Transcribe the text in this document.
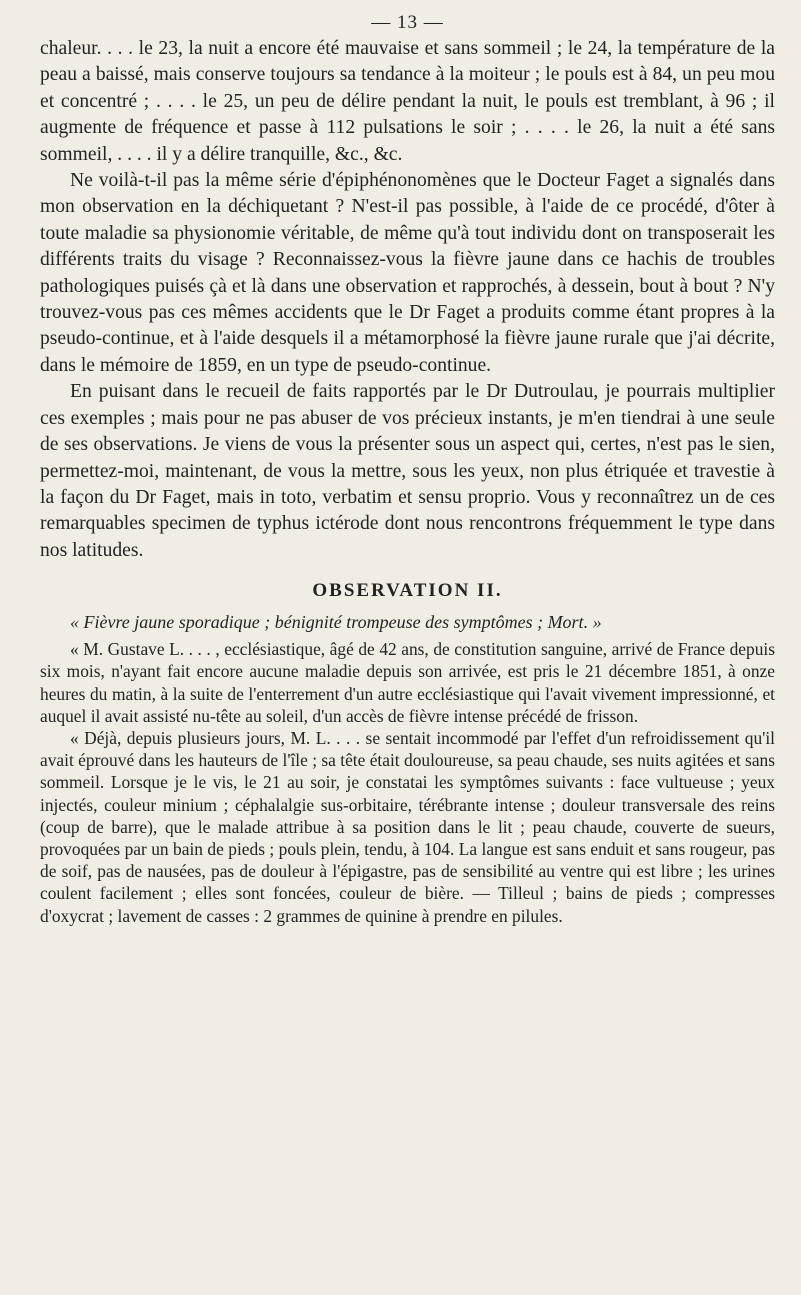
— 13 —

chaleur. . . . le 23, la nuit a encore été mauvaise et sans sommeil ; le 24, la température de la peau a baissé, mais conserve toujours sa tendance à la moiteur ; le pouls est à 84, un peu mou et concentré ; . . . . le 25, un peu de délire pendant la nuit, le pouls est tremblant, à 96 ; il augmente de fréquence et passe à 112 pulsations le soir ; . . . . le 26, la nuit a été sans sommeil, . . . . il y a délire tranquille, &c., &c.

Ne voilà-t-il pas la même série d'épiphénonomènes que le Docteur Faget a signalés dans mon observation en la déchiquetant ? N'est-il pas possible, à l'aide de ce procédé, d'ôter à toute maladie sa physionomie véritable, de même qu'à tout individu dont on transposerait les différents traits du visage ? Reconnaissez-vous la fièvre jaune dans ce hachis de troubles pathologiques puisés çà et là dans une observation et rapprochés, à dessein, bout à bout ? N'y trouvez-vous pas ces mêmes accidents que le Dr Faget a produits comme étant propres à la pseudo-continue, et à l'aide desquels il a métamorphosé la fièvre jaune rurale que j'ai décrite, dans le mémoire de 1859, en un type de pseudo-continue.

En puisant dans le recueil de faits rapportés par le Dr Dutroulau, je pourrais multiplier ces exemples ; mais pour ne pas abuser de vos précieux instants, je m'en tiendrai à une seule de ses observations. Je viens de vous la présenter sous un aspect qui, certes, n'est pas le sien, permettez-moi, maintenant, de vous la mettre, sous les yeux, non plus étriquée et travestie à la façon du Dr Faget, mais in toto, verbatim et sensu proprio. Vous y reconnaîtrez un de ces remarquables specimen de typhus ictérode dont nous rencontrons fréquemment le type dans nos latitudes.

OBSERVATION II.

« Fièvre jaune sporadique ; bénignité trompeuse des symptômes ; Mort. »

« M. Gustave L. . . . , ecclésiastique, âgé de 42 ans, de constitution sanguine, arrivé de France depuis six mois, n'ayant fait encore aucune maladie depuis son arrivée, est pris le 21 décembre 1851, à onze heures du matin, à la suite de l'enterrement d'un autre ecclésiastique qui l'avait vivement impressionné, et auquel il avait assisté nu-tête au soleil, d'un accès de fièvre intense précédé de frisson.

« Déjà, depuis plusieurs jours, M. L. . . . se sentait incommodé par l'effet d'un refroidissement qu'il avait éprouvé dans les hauteurs de l'île ; sa tête était douloureuse, sa peau chaude, ses nuits agitées et sans sommeil. Lorsque je le vis, le 21 au soir, je constatai les symptômes suivants : face vultueuse ; yeux injectés, couleur minium ; céphalalgie sus-orbitaire, térébrante intense ; douleur transversale des reins (coup de barre), que le malade attribue à sa position dans le lit ; peau chaude, couverte de sueurs, provoquées par un bain de pieds ; pouls plein, tendu, à 104. La langue est sans enduit et sans rougeur, pas de soif, pas de nausées, pas de douleur à l'épigastre, pas de sensibilité au ventre qui est libre ; les urines coulent facilement ; elles sont foncées, couleur de bière. — Tilleul ; bains de pieds ; compresses d'oxycrat ; lavement de casses : 2 grammes de quinine à prendre en pilules.
